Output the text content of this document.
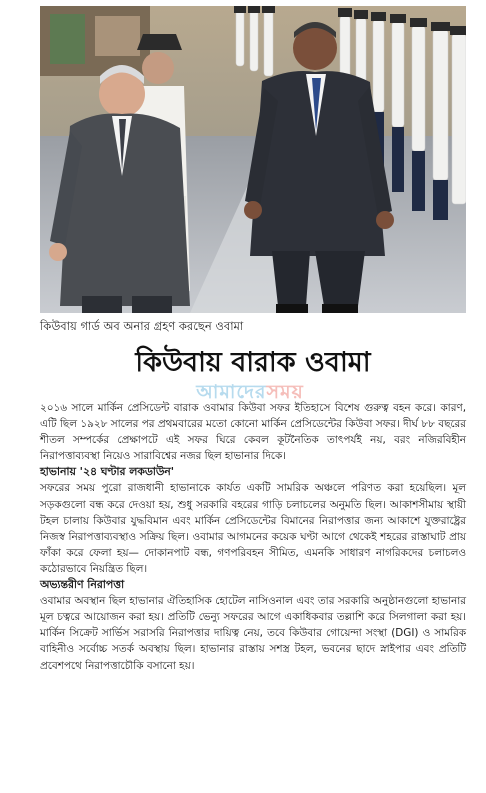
কিউবায় গার্ড অব অনার গ্রহণ করছেন ওবামা
কিউবায় বারাক ওবামা
আমাদেরসময়

২০১৬ সালে মার্কিন প্রেসিডেন্ট বারাক ওবামার কিউবা সফর ইতিহাসে বিশেষ গুরুত্ব বহন করে। কারণ, এটি ছিল ১৯২৮ সালের পর প্রথমবারের মতো কোনো মার্কিন প্রেসিডেন্টের কিউবা সফর। দীর্ঘ ৮৮ বছরের শীতল সম্পর্কের প্রেক্ষাপটে এই সফর ঘিরে কেবল কূটনৈতিক তাৎপর্যই নয়, বরং নজিরবিহীন নিরাপত্তাব্যবস্থা নিয়েও সারাবিশ্বের নজর ছিল হাভানার দিকে।

হাভানায় '২৪ ঘণ্টার লকডাউন'

সফরের সময় পুরো রাজধানী হাভানাকে কার্যত একটি সামরিক অঞ্চলে পরিণত করা হয়েছিল। মূল সড়কগুলো বন্ধ করে দেওয়া হয়, শুধু সরকারি বহরের গাড়ি চলাচলের অনুমতি ছিল। আকাশসীমায় স্থায়ী টহল চালায় কিউবার যুদ্ধবিমান এবং মার্কিন প্রেসিডেন্টের বিমানের নিরাপত্তার জন্য আকাশে যুক্তরাষ্ট্রের নিজস্ব নিরাপত্তাব্যবস্থাও সক্রিয় ছিল। ওবামার আগমনের কয়েক ঘণ্টা আগে থেকেই শহরের রাস্তাঘাট প্রায় ফাঁকা করে ফেলা হয়— দোকানপাট বন্ধ, গণপরিবহন সীমিত, এমনকি সাধারণ নাগরিকদের চলাচলও কঠোরভাবে নিয়ন্ত্রিত ছিল।

অভ্যন্তরীণ নিরাপত্তা

ওবামার অবস্থান ছিল হাভানার ঐতিহাসিক হোটেল নাসিওনাল এবং তার সরকারি অনুষ্ঠানগুলো হাভানার মূল চত্বরে আয়োজন করা হয়। প্রতিটি ভেন্যু সফরের আগে একাধিকবার তল্লাশি করে সিলগালা করা হয়। মার্কিন সিক্রেট সার্ভিস সরাসরি নিরাপত্তার দায়িত্ব নেয়, তবে কিউবার গোয়েন্দা সংস্থা (DGI) ও সামরিক বাহিনীও সর্বোচ্চ সতর্ক অবস্থায় ছিল। হাভানার রাস্তায় সশস্ত্র টহল, ভবনের ছাদে স্নাইপার এবং প্রতিটি প্রবেশপথে নিরাপত্তাচৌকি বসানো হয়।
